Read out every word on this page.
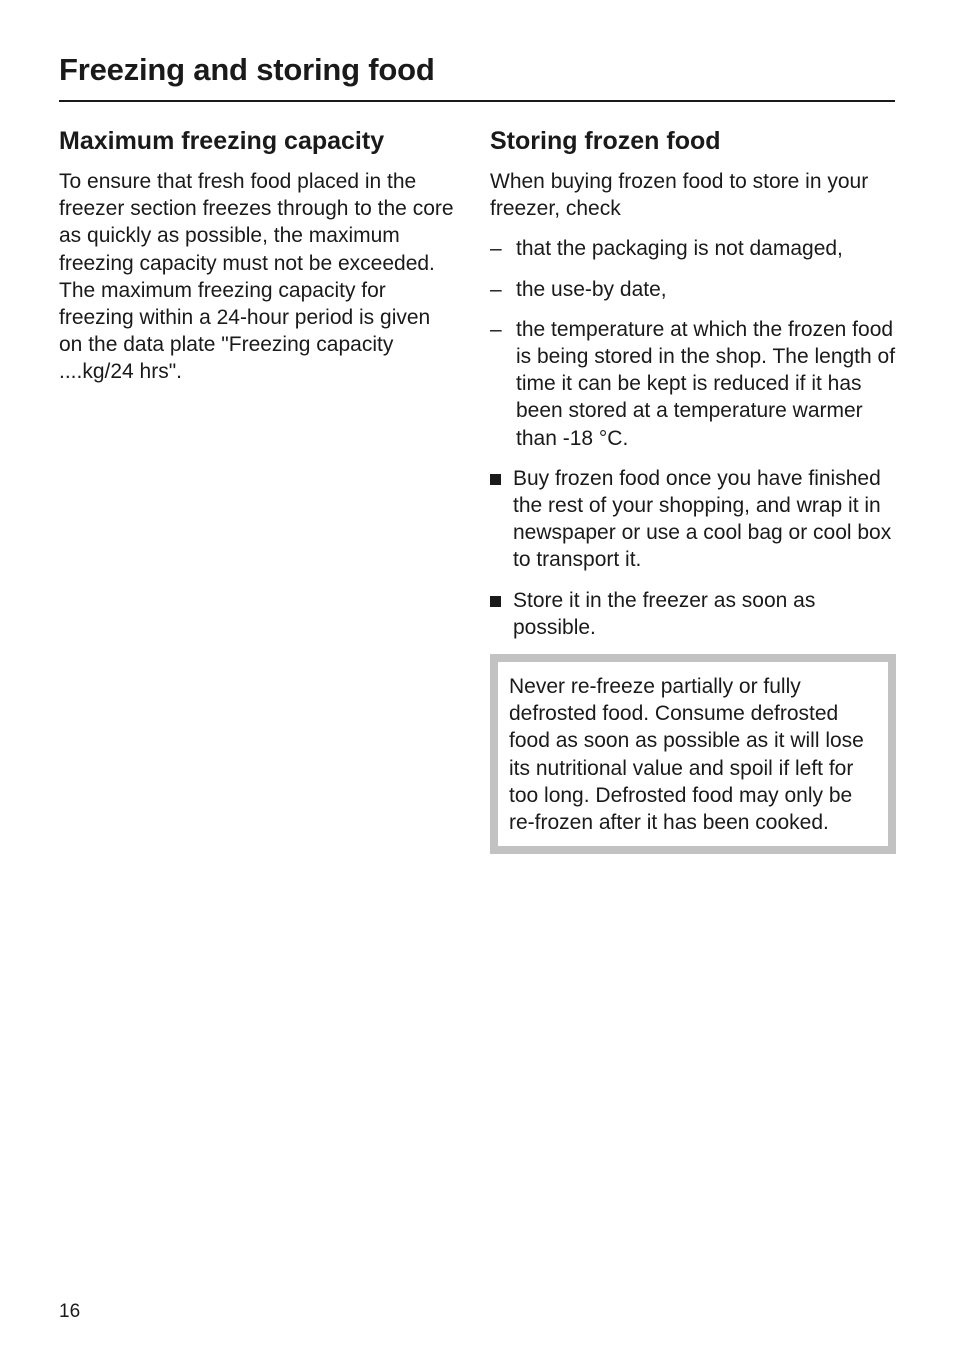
Freezing and storing food
Maximum freezing capacity

To ensure that fresh food placed in the freezer section freezes through to the core as quickly as possible, the maximum freezing capacity must not be exceeded. The maximum freezing capacity for freezing within a 24-hour period is given on the data plate "Freezing capacity ....kg/24 hrs".

Storing frozen food

When buying frozen food to store in your freezer, check

– that the packaging is not damaged,
– the use-by date,
– the temperature at which the frozen food is being stored in the shop. The length of time it can be kept is reduced if it has been stored at a temperature warmer than -18 °C.
Buy frozen food once you have finished the rest of your shopping, and wrap it in newspaper or use a cool bag or cool box to transport it.
Store it in the freezer as soon as possible.

Never re-freeze partially or fully defrosted food. Consume defrosted food as soon as possible as it will lose its nutritional value and spoil if left for too long. Defrosted food may only be re-frozen after it has been cooked.

16
